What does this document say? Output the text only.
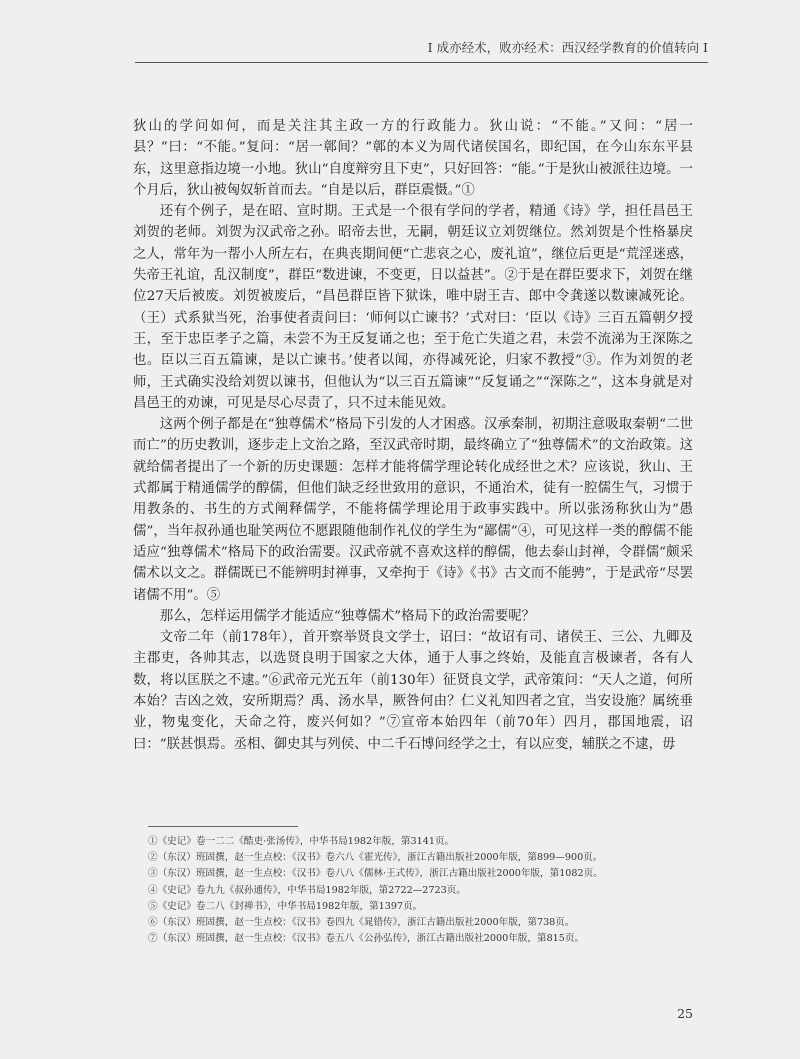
Ⅰ 成亦经术，败亦经术：西汉经学教育的价值转向 Ⅰ

狄山的学问如何，而是关注其主政一方的行政能力。狄山说：“不能。”又问：“居一县？”曰：“不能。”复问：“居一鄣间？”鄣的本义为周代诸侯国名，即纪国，在今山东东平县东，这里意指边境一小地。狄山“自度辩穷且下吏”，只好回答：“能。”于是狄山被派往边境。一个月后，狄山被匈奴斩首而去。“自是以后，群臣震慑。”①

还有个例子，是在昭、宣时期。王式是一个很有学问的学者，精通《诗》学，担任昌邑王刘贺的老师。刘贺为汉武帝之孙。昭帝去世，无嗣，朝廷议立刘贺继位。然刘贺是个性格暴戾之人，常年为一帮小人所左右，在典丧期间便“亡悲哀之心，废礼谊”，继位后更是“荒淫迷惑，失帝王礼谊，乱汉制度”，群臣“数进谏，不变更，日以益甚”。②于是在群臣要求下，刘贺在继位27天后被废。刘贺被废后，“昌邑群臣皆下狱诛，唯中尉王吉、郎中令龚遂以数谏减死论。（王）式系狱当死，治事使者责问曰：‘师何以亡谏书？’式对曰：‘臣以《诗》三百五篇朝夕授王，至于忠臣孝子之篇，未尝不为王反复诵之也；至于危亡失道之君，未尝不流涕为王深陈之也。臣以三百五篇谏，是以亡谏书。’使者以闻，亦得减死论，归家不教授”③。作为刘贺的老师，王式确实没给刘贺以谏书，但他认为“以三百五篇谏”“反复诵之”“深陈之”，这本身就是对昌邑王的劝谏，可见是尽心尽责了，只不过未能见效。

这两个例子都是在“独尊儒术”格局下引发的人才困惑。汉承秦制，初期注意吸取秦朝“二世而亡”的历史教训，逐步走上文治之路，至汉武帝时期，最终确立了“独尊儒术”的文治政策。这就给儒者提出了一个新的历史课题：怎样才能将儒学理论转化成经世之术？应该说，狄山、王式都属于精通儒学的醇儒，但他们缺乏经世致用的意识，不通治术，徒有一腔儒生气，习惯于用教条的、书生的方式阐释儒学，不能将儒学理论用于政事实践中。所以张汤称狄山为“愚儒”，当年叔孙通也耻笑两位不愿跟随他制作礼仪的学生为“鄙儒”④，可见这样一类的醇儒不能适应“独尊儒术”格局下的政治需要。汉武帝就不喜欢这样的醇儒，他去泰山封禅，令群儒“颇采儒术以文之。群儒既已不能辨明封禅事，又牵拘于《诗》《书》古文而不能骋”，于是武帝“尽罢诸儒不用”。⑤

那么，怎样运用儒学才能适应“独尊儒术”格局下的政治需要呢？

文帝二年（前178年），首开察举贤良文学士，诏曰：“故诏有司、诸侯王、三公、九卿及主郡吏，各帅其志，以选贤良明于国家之大体，通于人事之终始，及能直言极谏者，各有人数，将以匡朕之不逮。”⑥武帝元光五年（前130年）征贤良文学，武帝策问：“天人之道，何所本始？吉凶之效，安所期焉？禹、汤水旱，厥咎何由？仁义礼知四者之宜，当安设施？属统垂业，物鬼变化，天命之符，废兴何如？”⑦宣帝本始四年（前70年）四月，郡国地震，诏曰：“朕甚惧焉。丞相、御史其与列侯、中二千石博问经学之士，有以应变，辅朕之不逮，毋

①《史记》卷一二二《酷吏·张汤传》，中华书局1982年版，第3141页。

②（东汉）班固撰，赵一生点校：《汉书》卷六八《霍光传》，浙江古籍出版社2000年版，第899—900页。

③（东汉）班固撰，赵一生点校：《汉书》卷八八《儒林·王式传》，浙江古籍出版社2000年版，第1082页。

④《史记》卷九九《叔孙通传》，中华书局1982年版，第2722—2723页。

⑤《史记》卷二八《封禅书》，中华书局1982年版，第1397页。

⑥（东汉）班固撰，赵一生点校：《汉书》卷四九《晁错传》，浙江古籍出版社2000年版，第738页。

⑦（东汉）班固撰，赵一生点校：《汉书》卷五八《公孙弘传》，浙江古籍出版社2000年版，第815页。

25
